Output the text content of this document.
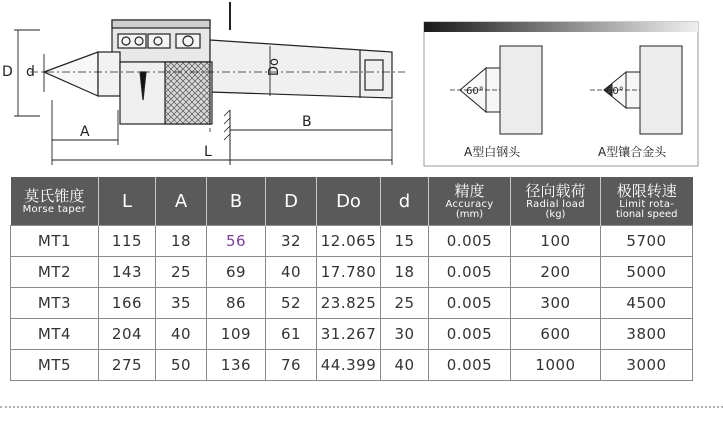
D d	Do
A
B
L
60°
A型白钢头
60°
A型镶合金头
莫氏锥度
Morse taper	L	A	B	D	Do	d	精度
Accuracy
(mm)	径向载荷
Radial load
(kg)	极限转速
Limit rota-
tional speed

MT1	115	18	56	32	12.065	15	0.005	100	5700
MT2	143	25	69	40	17.780	18	0.005	200	5000
MT3	166	35	86	52	23.825	25	0.005	300	4500
MT4	204	40	109	61	31.267	30	0.005	600	3800
MT5	275	50	136	76	44.399	40	0.005	1000	3000
